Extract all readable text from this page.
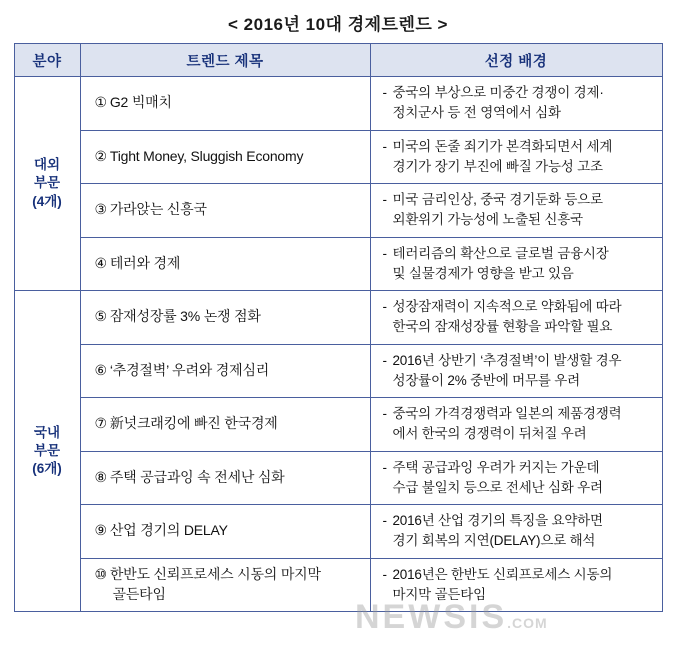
< 2016년 10대 경제트렌드 >
분야	트렌드 제목	선정 배경

대외
부문
(4개)	① G2 빅매치	- 중국의 부상으로 미중간 경쟁이 경제·
정치군사 등 전 영역에서 심화

	② Tight Money, Sluggish Economy	- 미국의 돈줄 죄기가 본격화되면서 세계
경기가 장기 부진에 빠질 가능성 고조

	③ 가라앉는 신흥국	- 미국 금리인상, 중국 경기둔화 등으로
외환위기 가능성에 노출된 신흥국

	④ 테러와 경제	- 테러리즘의 확산으로 글로벌 금융시장
및 실물경제가 영향을 받고 있음

국내
부문
(6개)	⑤ 잠재성장률 3% 논쟁 점화	- 성장잠재력이 지속적으로 약화됨에 따라
한국의 잠재성장률 현황을 파악할 필요

	⑥ ‘추경절벽’ 우려와 경제심리	- 2016년 상반기 ‘추경절벽’이 발생할 경우
성장률이 2% 중반에 머무를 우려

	⑦ 新넛크래킹에 빠진 한국경제	- 중국의 가격경쟁력과 일본의 제품경쟁력
에서 한국의 경쟁력이 뒤처질 우려

	⑧ 주택 공급과잉 속 전세난 심화	- 주택 공급과잉 우려가 커지는 가운데
수급 불일치 등으로 전세난 심화 우려

	⑨ 산업 경기의 DELAY	- 2016년 산업 경기의 특징을 요약하면
경기 회복의 지연(DELAY)으로 해석

	⑩ 한반도 신뢰프로세스 시동의 마지막
골든타임	- 2016년은 한반도 신뢰프로세스 시동의
마지막 골든타임
NEWSIS.COM
